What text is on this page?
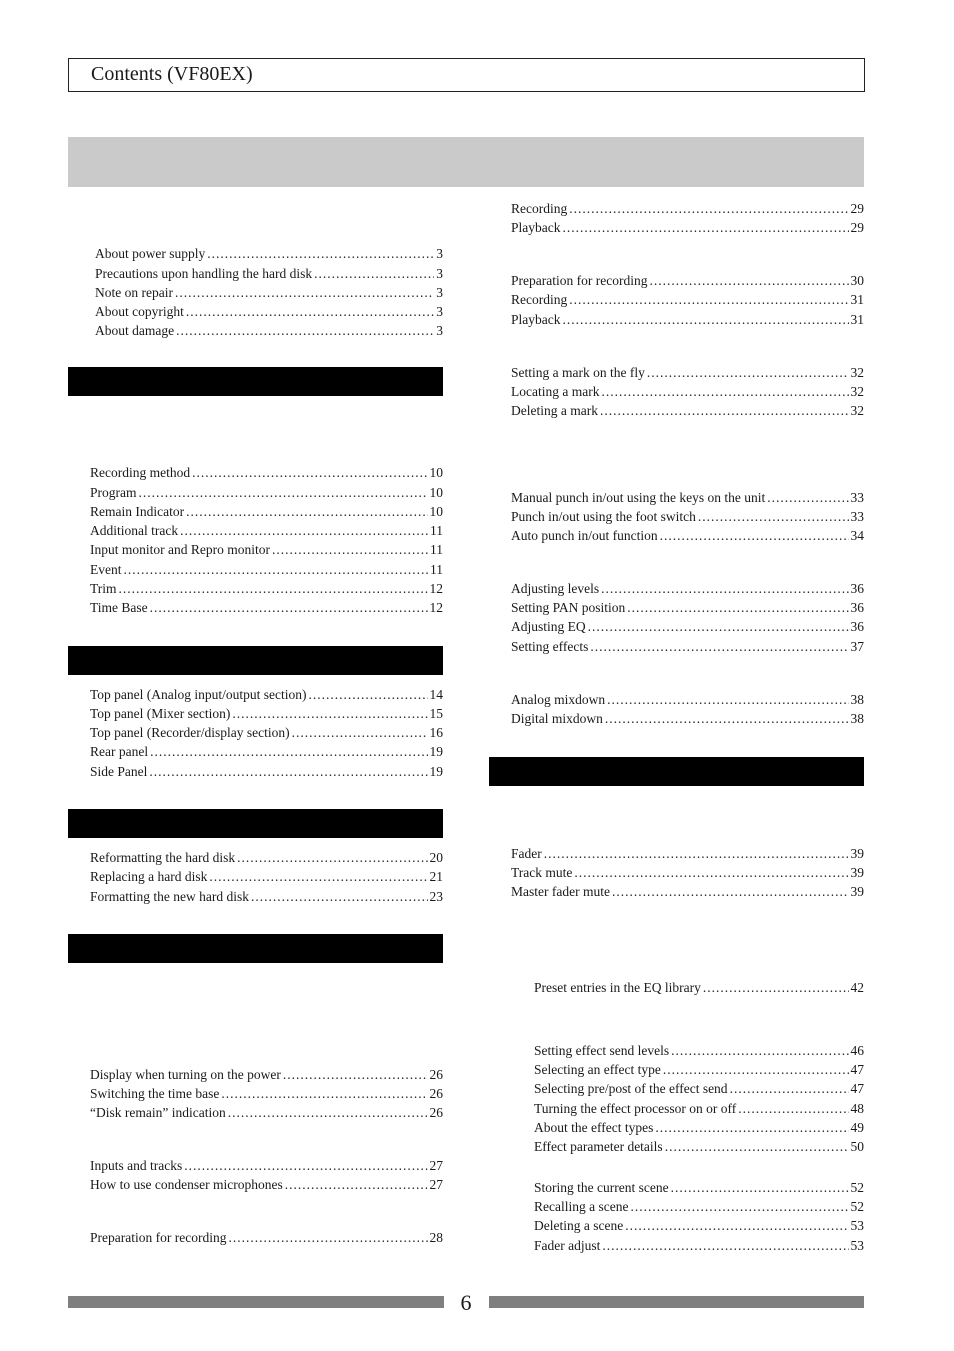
Contents (VF80EX)
About power supply .....	3
Precautions upon handling the hard disk .....	3
Note on repair .....	3
About copyright .....	3
About damage .....	3
Recording method .....	10
Program .....	10
Remain Indicator .....	10
Additional track .....	11
Input monitor and Repro monitor .....	11
Event .....	11
Trim .....	12
Time Base .....	12
Top panel (Analog input/output section) .....	14
Top panel (Mixer section) .....	15
Top panel (Recorder/display section) .....	16
Rear panel .....	19
Side Panel .....	19
Reformatting the hard disk .....	20
Replacing a hard disk .....	21
Formatting the new hard disk .....	23
Display when turning on the power .....	26
Switching the time base .....	26
“Disk remain” indication .....	26
Inputs and tracks .....	27
How to use condenser microphones .....	27
Preparation for recording .....	28
Recording .....	29
Playback .....	29
Preparation for recording .....	30
Recording .....	31
Playback .....	31
Setting a mark on the fly .....	32
Locating a mark .....	32
Deleting a mark .....	32
Manual punch in/out using the keys on the unit .....	33
Punch in/out using the foot switch .....	33
Auto punch in/out function .....	34
Adjusting levels .....	36
Setting PAN position .....	36
Adjusting EQ .....	36
Setting effects .....	37
Analog mixdown .....	38
Digital mixdown .....	38
Fader .....	39
Track mute .....	39
Master fader mute .....	39
Preset entries in the EQ library .....	42
Setting effect send levels .....	46
Selecting an effect type .....	47
Selecting pre/post of the effect send .....	47
Turning the effect processor on or off .....	48
About the effect types .....	49
Effect parameter details .....	50
Storing the current scene .....	52
Recalling a scene .....	52
Deleting a scene .....	53
Fader adjust .....	53
6
